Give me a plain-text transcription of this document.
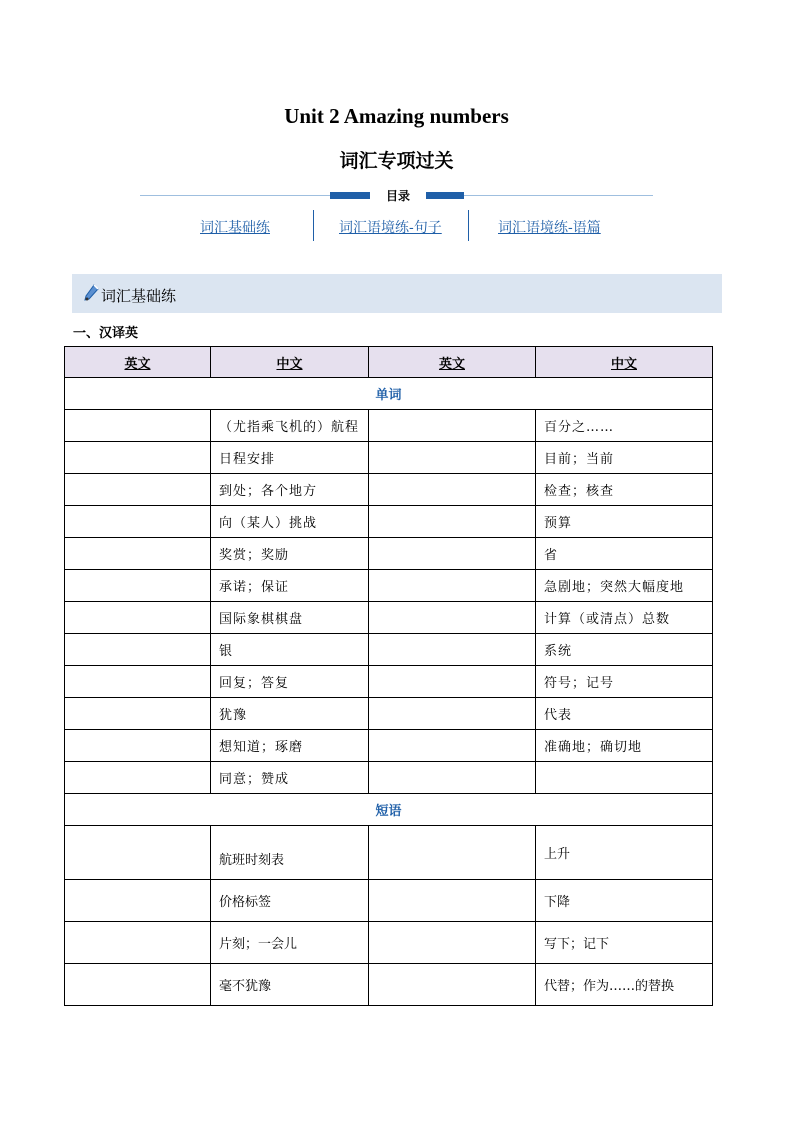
Unit 2 Amazing numbers
词汇专项过关
目录
词汇基础练	词汇语境练-句子	词汇语境练-语篇
词汇基础练
一、汉译英
英文	中文	英文	中文
单词			
	（尤指乘飞机的）航程		百分之……
	日程安排		目前；当前
	到处；各个地方		检查；核查
	向（某人）挑战		预算
	奖赏；奖励		省
	承诺；保证		急剧地；突然大幅度地
	国际象棋棋盘		计算（或清点）总数
	银		系统
	回复；答复		符号；记号
	犹豫		代表
	想知道；琢磨		准确地；确切地
	同意；赞成		
短语			
	航班时刻表		上升
	价格标签		下降
	片刻；一会儿		写下；记下
	毫不犹豫		代替；作为……的替换
